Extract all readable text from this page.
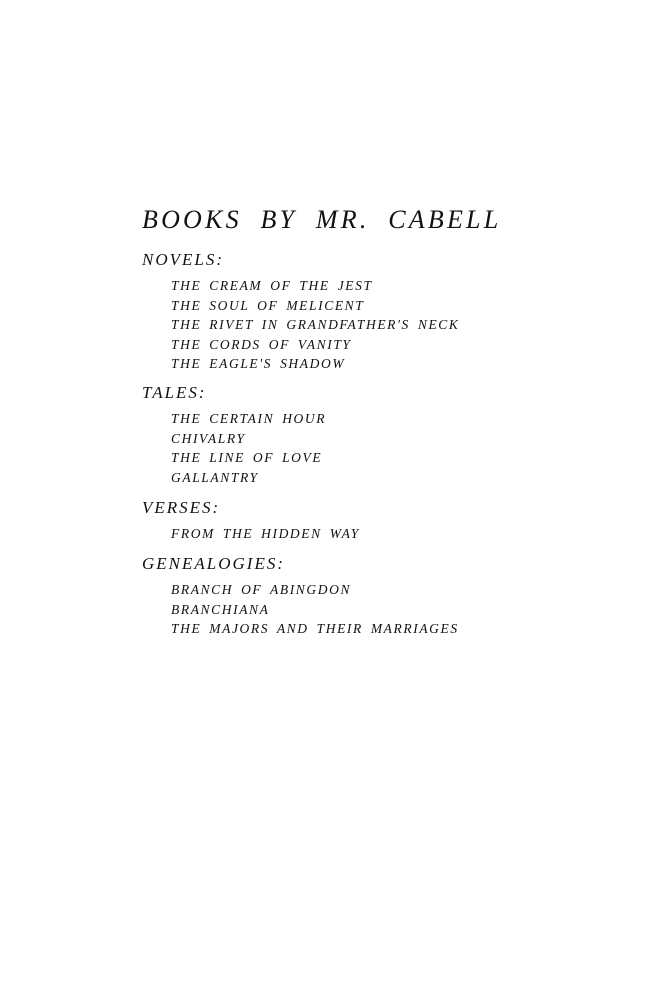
BOOKS BY MR. CABELL
NOVELS:
THE CREAM OF THE JEST
THE SOUL OF MELICENT
THE RIVET IN GRANDFATHER'S NECK
THE CORDS OF VANITY
THE EAGLE'S SHADOW
TALES:
THE CERTAIN HOUR
CHIVALRY
THE LINE OF LOVE
GALLANTRY
VERSES:
FROM THE HIDDEN WAY
GENEALOGIES:
BRANCH OF ABINGDON
BRANCHIANA
THE MAJORS AND THEIR MARRIAGES
